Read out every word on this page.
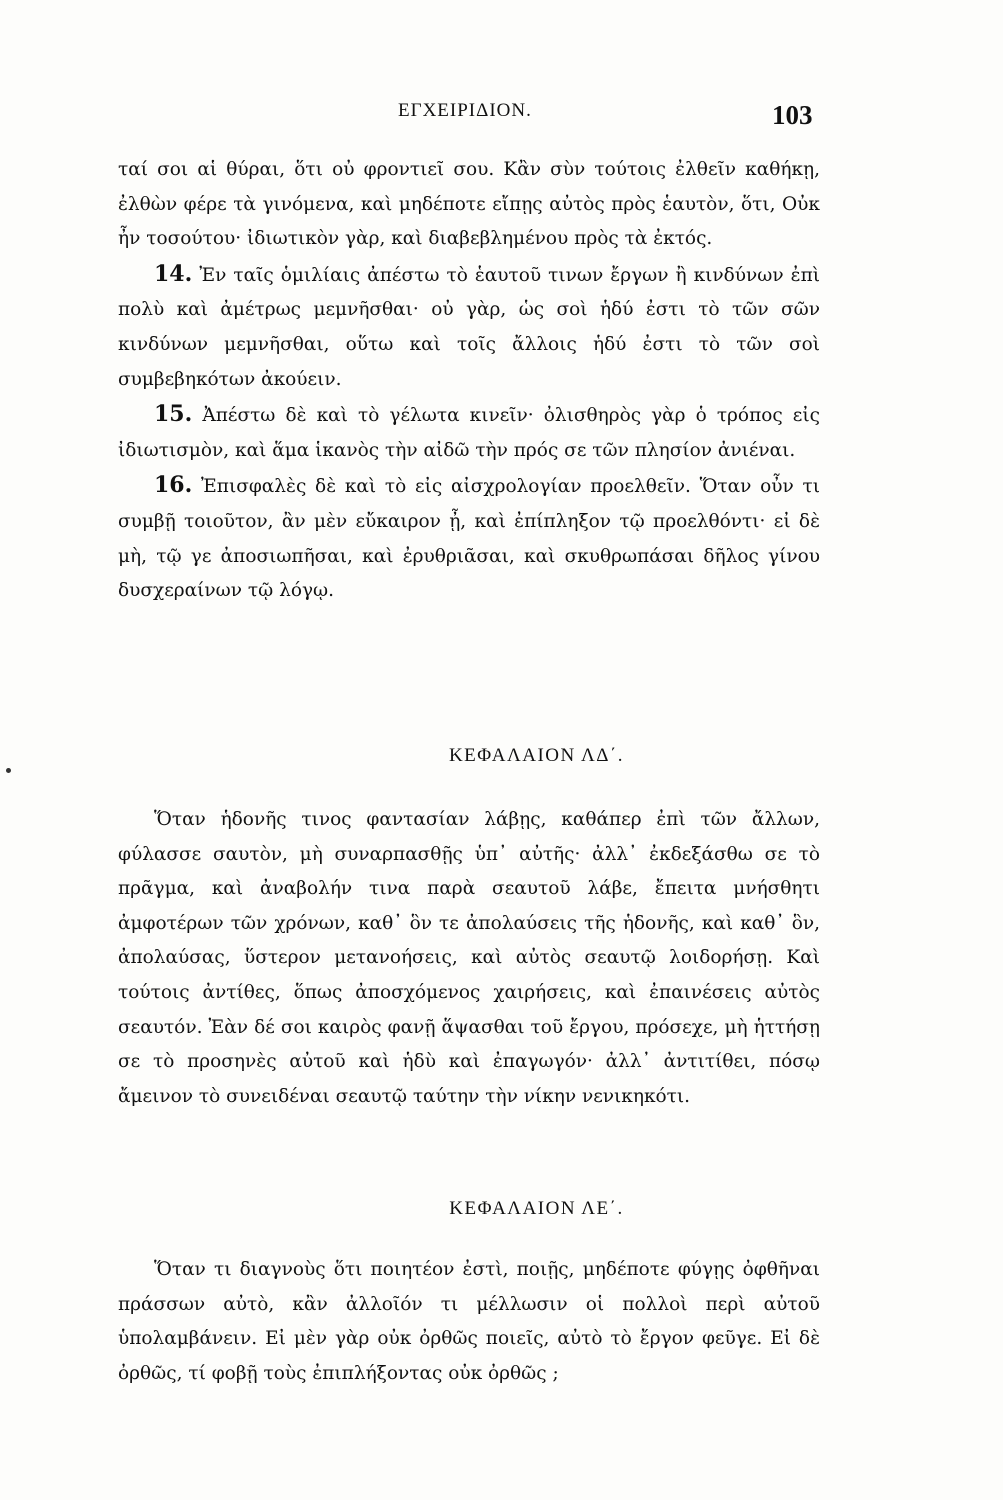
ΕΓΧΕΙΡΙΔΙΟΝ.	103

ταί σοι αἱ θύραι, ὅτι οὐ φροντιεῖ σου. Κἂν σὺν τούτοις ἐλθεῖν καθήκῃ, ἐλθὼν φέρε τὰ γινόμενα, καὶ μηδέποτε εἴπῃς αὐτὸς πρὸς ἑαυτὸν, ὅτι, Οὐκ ἦν τοσούτου· ἰδιωτικὸν γὰρ, καὶ διαβεβλημένου πρὸς τὰ ἐκτός.

14. Ἐν ταῖς ὁμιλίαις ἀπέστω τὸ ἑαυτοῦ τινων ἔργων ἢ κινδύνων ἐπὶ πολὺ καὶ ἀμέτρως μεμνῆσθαι· οὐ γὰρ, ὡς σοὶ ἡδύ ἐστι τὸ τῶν σῶν κινδύνων μεμνῆσθαι, οὕτω καὶ τοῖς ἄλλοις ἡδύ ἐστι τὸ τῶν σοὶ συμβεβηκότων ἀκούειν.

15. Ἀπέστω δὲ καὶ τὸ γέλωτα κινεῖν· ὀλισθηρὸς γὰρ ὁ τρόπος εἰς ἰδιωτισμὸν, καὶ ἅμα ἱκανὸς τὴν αἰδῶ τὴν πρός σε τῶν πλησίον ἀνιέναι.

16. Ἐπισφαλὲς δὲ καὶ τὸ εἰς αἰσχρολογίαν προελθεῖν. Ὅταν οὖν τι συμβῇ τοιοῦτον, ἂν μὲν εὔκαιρον ᾖ, καὶ ἐπίπληξον τῷ προελθόντι· εἰ δὲ μὴ, τῷ γε ἀποσιωπῆσαι, καὶ ἐρυθριᾶσαι, καὶ σκυθρωπάσαι δῆλος γίνου δυσχεραίνων τῷ λόγῳ.

ΚΕΦΑΛΑΙΟΝ ΛΔ΄.

Ὅταν ἡδονῆς τινος φαντασίαν λάβῃς, καθάπερ ἐπὶ τῶν ἄλλων, φύλασσε σαυτὸν, μὴ συναρπασθῇς ὑπ᾽ αὐτῆς· ἀλλ᾽ ἐκδεξάσθω σε τὸ πρᾶγμα, καὶ ἀναβολήν τινα παρὰ σεαυτοῦ λάβε, ἔπειτα μνήσθητι ἀμφοτέρων τῶν χρόνων, καθ᾽ ὃν τε ἀπολαύσεις τῆς ἡδονῆς, καὶ καθ᾽ ὃν, ἀπολαύσας, ὕστερον μετανοήσεις, καὶ αὐτὸς σεαυτῷ λοιδορήσῃ. Καὶ τούτοις ἀντίθες, ὅπως ἀποσχόμενος χαιρήσεις, καὶ ἐπαινέσεις αὐτὸς σεαυτόν. Ἐὰν δέ σοι καιρὸς φανῇ ἅψασθαι τοῦ ἔργου, πρόσεχε, μὴ ἡττήσῃ σε τὸ προσηνὲς αὐτοῦ καὶ ἡδὺ καὶ ἐπαγωγόν· ἀλλ᾽ ἀντιτίθει, πόσῳ ἄμεινον τὸ συνειδέναι σεαυτῷ ταύτην τὴν νίκην νενικηκότι.

ΚΕΦΑΛΑΙΟΝ ΛΕ΄.

Ὅταν τι διαγνοὺς ὅτι ποιητέον ἐστὶ, ποιῇς, μηδέποτε φύγῃς ὀφθῆναι πράσσων αὐτὸ, κἂν ἀλλοῖόν τι μέλλωσιν οἱ πολλοὶ περὶ αὐτοῦ ὑπολαμβάνειν. Εἰ μὲν γὰρ οὐκ ὀρθῶς ποιεῖς, αὐτὸ τὸ ἔργον φεῦγε. Εἰ δὲ ὀρθῶς, τί φοβῇ τοὺς ἐπιπλήξοντας οὐκ ὀρθῶς ;
